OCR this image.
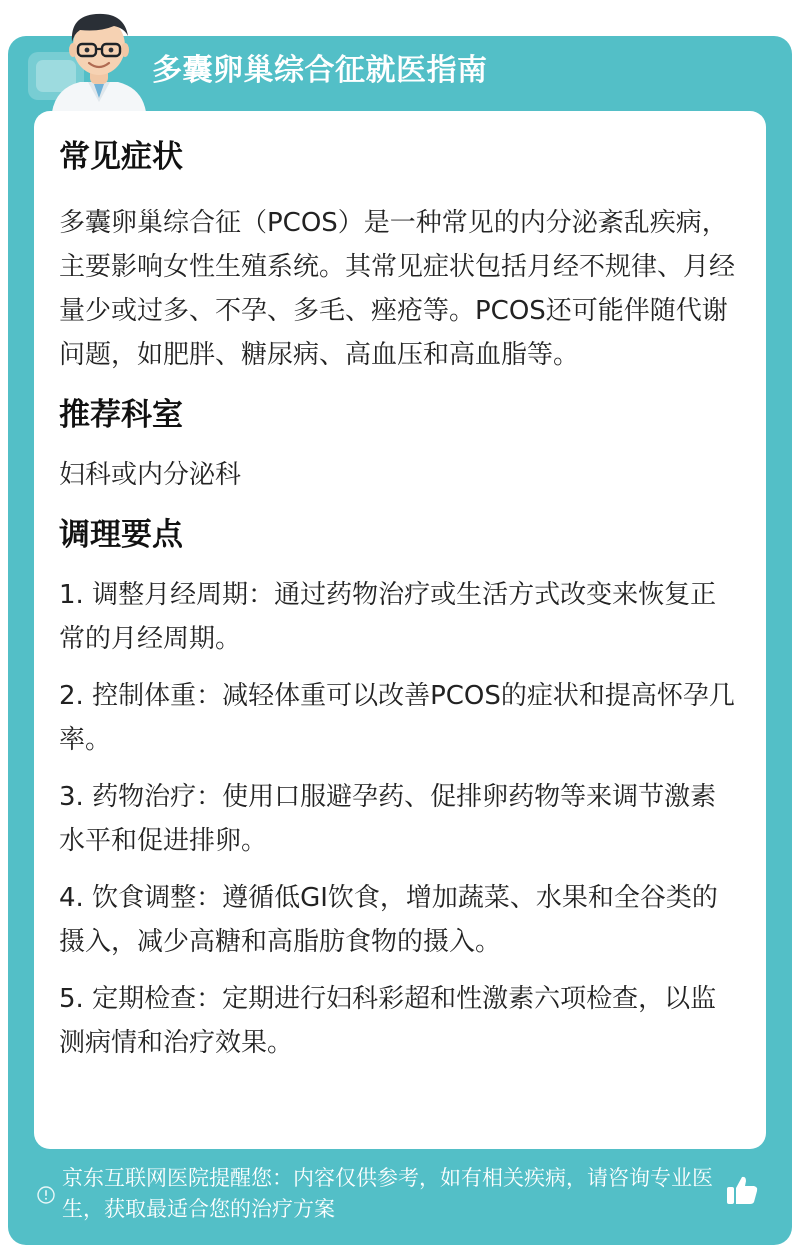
多囊卵巢综合征就医指南
常见症状

多囊卵巢综合征（PCOS）是一种常见的内分泌紊乱疾病，主要影响女性生殖系统。其常见症状包括月经不规律、月经量少或过多、不孕、多毛、痤疮等。PCOS还可能伴随代谢问题，如肥胖、糖尿病、高血压和高血脂等。

推荐科室

妇科或内分泌科

调理要点

1. 调整月经周期：通过药物治疗或生活方式改变来恢复正常的月经周期。

2. 控制体重：减轻体重可以改善PCOS的症状和提高怀孕几率。

3. 药物治疗：使用口服避孕药、促排卵药物等来调节激素水平和促进排卵。

4. 饮食调整：遵循低GI饮食，增加蔬菜、水果和全谷类的摄入，减少高糖和高脂肪食物的摄入。

5. 定期检查：定期进行妇科彩超和性激素六项检查，以监测病情和治疗效果。

京东互联网医院提醒您：内容仅供参考，如有相关疾病，请咨询专业医生，获取最适合您的治疗方案
